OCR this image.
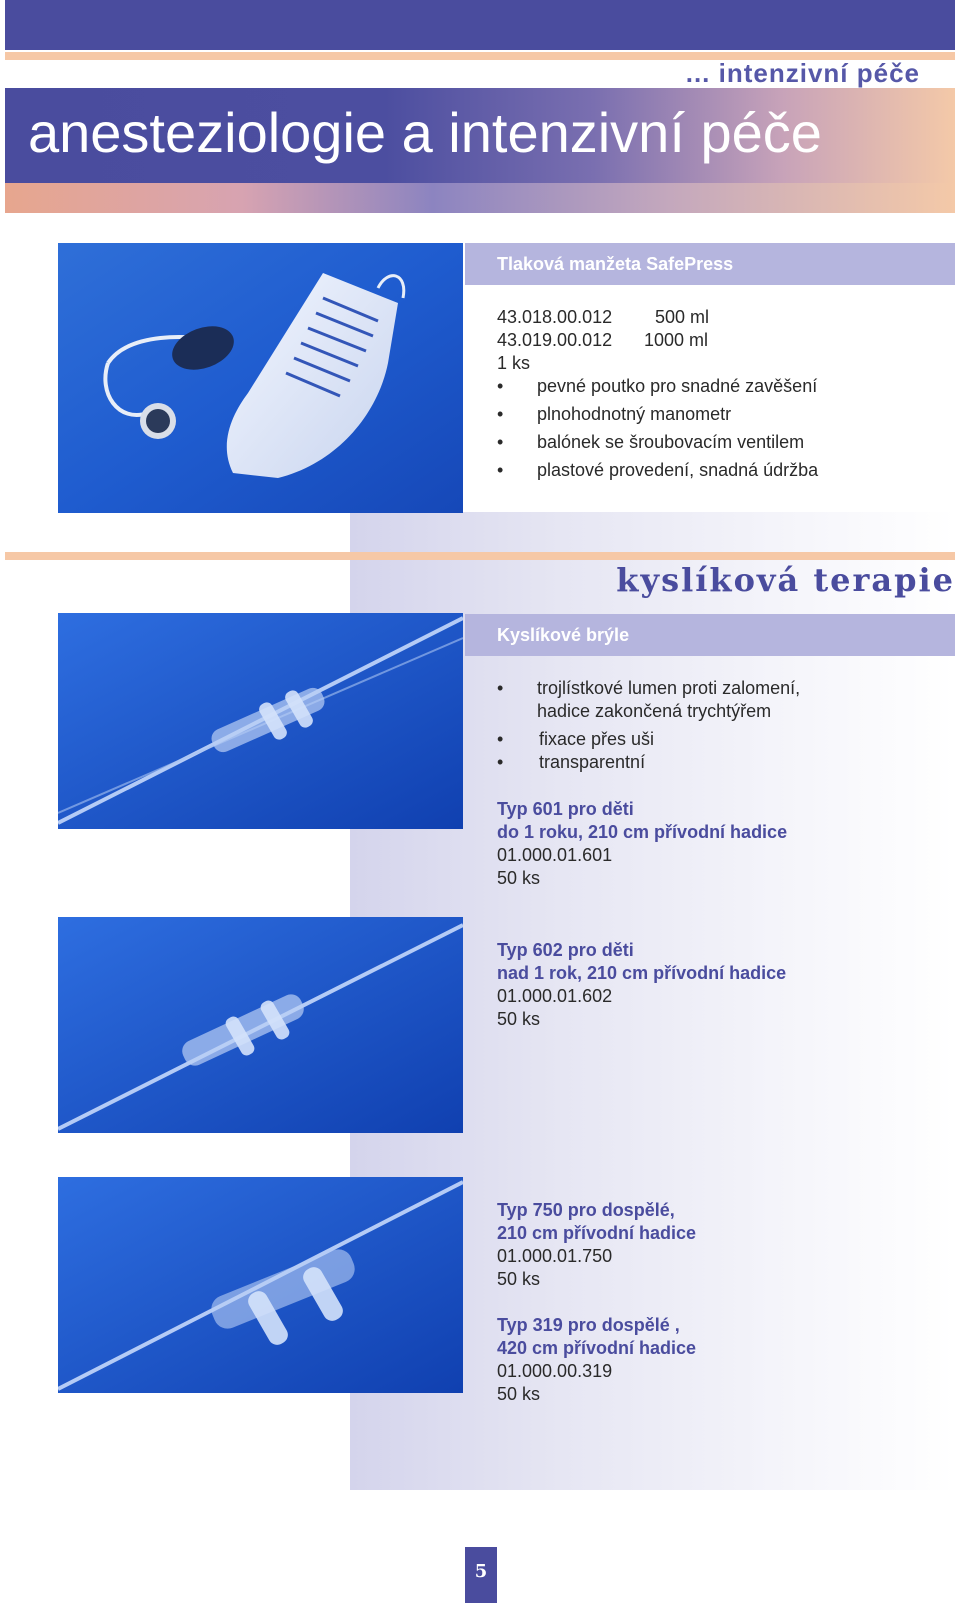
... intenzivní péče
anesteziologie a intenzivní péče
kyslíková terapie
Tlaková manžeta SafePress
43.018.00.012	500 ml
43.019.00.012	1000 ml
1 ks
• pevné poutko pro snadné zavěšení
• plnohodnotný manometr
• balónek se šroubovacím ventilem
• plastové provedení, snadná údržba
Kyslíkové brýle
• trojlístkové lumen proti zalomení,
hadice zakončená trychtýřem
• fixace přes uši
• transparentní
Typ 601 pro děti
do 1 roku, 210 cm přívodní hadice
01.000.01.601
50 ks
Typ 602 pro děti
nad 1 rok, 210 cm přívodní hadice
01.000.01.602
50 ks
Typ 750 pro dospělé,
210 cm přívodní hadice
01.000.01.750
50 ks
Typ 319 pro dospělé ,
420 cm přívodní hadice
01.000.00.319
50 ks
5
